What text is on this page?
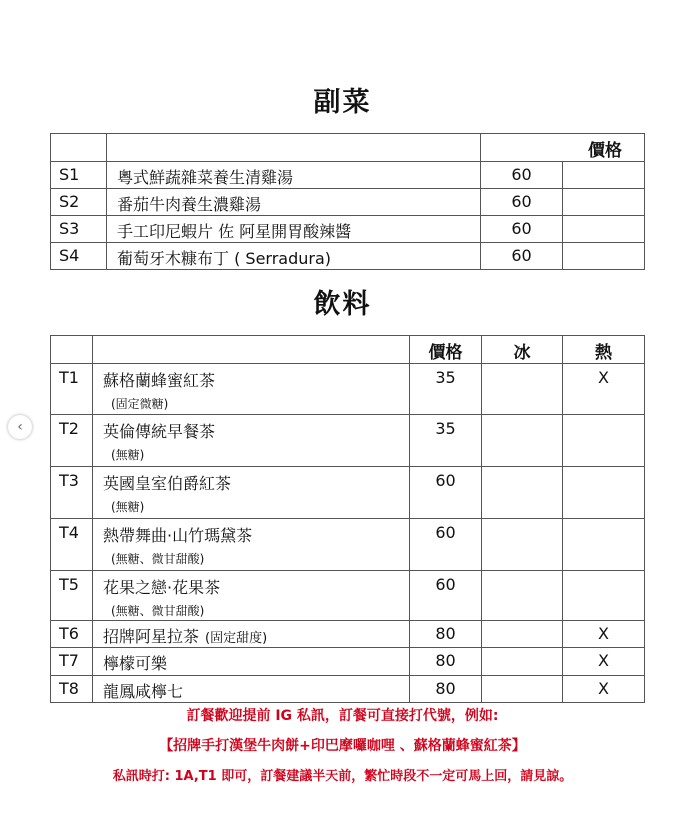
‹
副菜
		價格	
S1	粵式鮮蔬雜菜養生清雞湯	60	
S2	番茄牛肉養生濃雞湯	60	
S3	手工印尼蝦片 佐 阿星開胃酸辣醬	60	
S4	葡萄牙木糠布丁 ( Serradura)	60	
飲料
		價格	冰	熱
T1	蘇格蘭蜂蜜紅茶
(固定微糖)	35		X
T2	英倫傳統早餐茶
(無糖)	35		
T3	英國皇室伯爵紅茶
(無糖)	60		
T4	熱帶舞曲·山竹瑪黛茶
(無糖、微甘甜酸)	60		
T5	花果之戀·花果茶
(無糖、微甘甜酸)	60		
T6	招牌阿星拉茶 (固定甜度)	80		X
T7	檸檬可樂	80		X
T8	龍鳳咸檸七	80		X
訂餐歡迎提前 IG 私訊，訂餐可直接打代號，例如:
【招牌手打漢堡牛肉餅+印巴摩囉咖哩 、蘇格蘭蜂蜜紅茶】
私訊時打: 1A,T1 即可，訂餐建議半天前，繁忙時段不一定可馬上回，請見諒。
